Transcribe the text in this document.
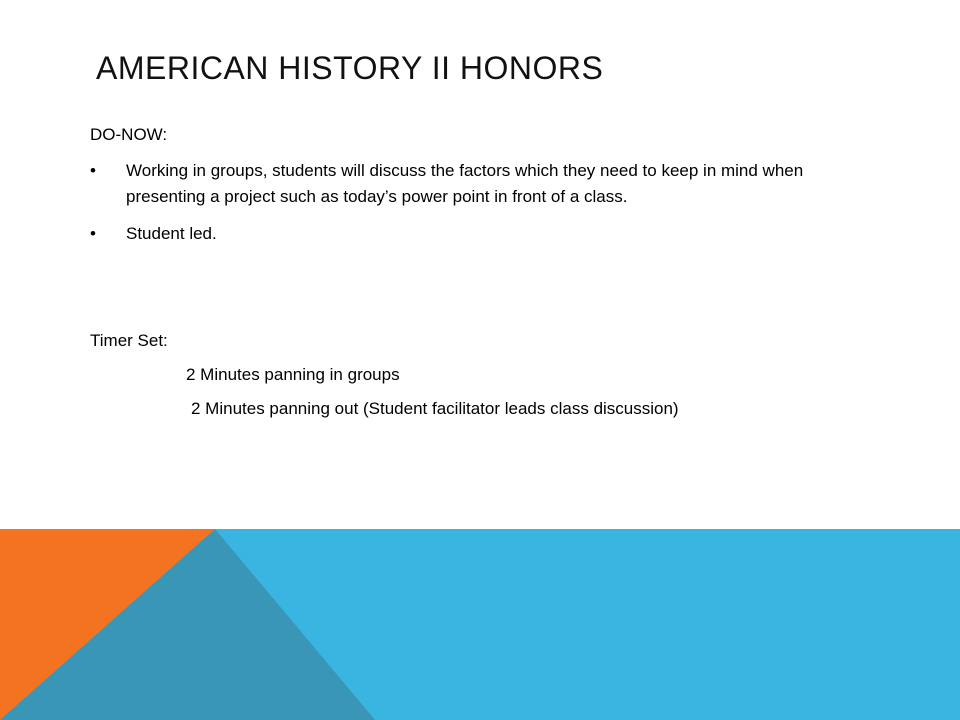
AMERICAN HISTORY II HONORS

DO-NOW:

• Working in groups, students will discuss the factors which they need to keep in mind when presenting a project such as today’s power point in front of a class.
• Student led.

Timer Set:

2 Minutes panning in groups
2 Minutes panning out (Student facilitator leads class discussion)
